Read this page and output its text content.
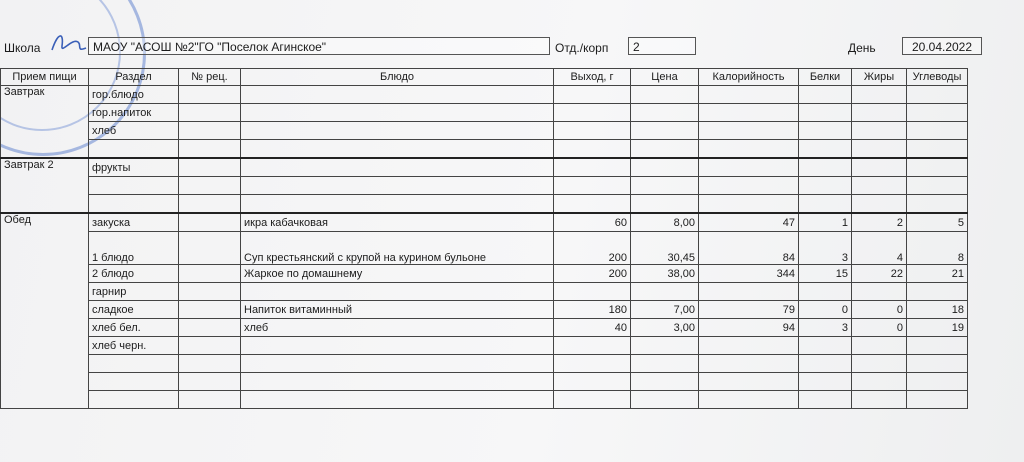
Школа	МАОУ "АСОШ №2"ГО "Поселок Агинское"	Отд./корп	2	День	20.04.2022
Прием пищи	Раздел	№ рец.	Блюдо	Выход, г	Цена	Калорийность	Белки	Жиры	Углеводы
Завтрак	гор.блюдо								
	гор.напиток								
	хлеб								

Завтрак 2	фрукты								

Обед	закуска		икра кабачковая	60	8,00	47	1	2	5
	1 блюдо		Суп крестьянский с крупой на курином бульоне	200	30,45	84	3	4	8
	2 блюдо		Жаркое по домашнему	200	38,00	344	15	22	21
	гарнир								
	сладкое		Напиток витаминный	180	7,00	79	0	0	18
	хлеб бел.		хлеб	40	3,00	94	3	0	19
	хлеб черн.								
